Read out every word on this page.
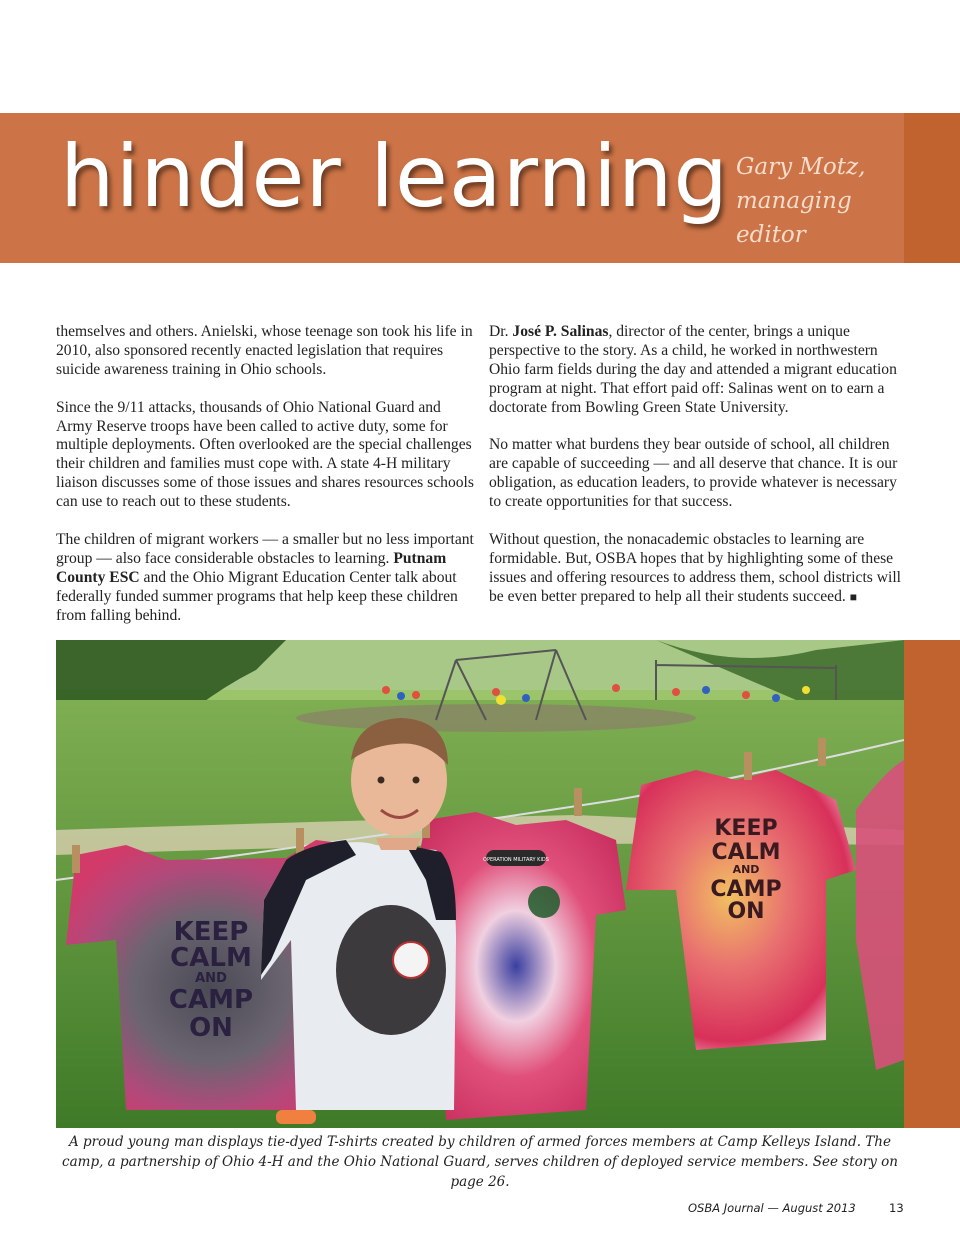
hinder learning Gary Motz,
managing editor

themselves and others. Anielski, whose teenage son took his life in 2010, also sponsored recently enacted legislation that requires suicide awareness training in Ohio schools.

Since the 9/11 attacks, thousands of Ohio National Guard and Army Reserve troops have been called to active duty, some for multiple deployments. Often overlooked are the special challenges their children and families must cope with. A state 4-H military liaison discusses some of those issues and shares resources schools can use to reach out to these students.

The children of migrant workers — a smaller but no less important group — also face considerable obstacles to learning. Putnam County ESC and the Ohio Migrant Education Center talk about federally funded summer programs that help keep these children from falling behind.

Dr. José P. Salinas, director of the center, brings a unique perspective to the story. As a child, he worked in northwestern Ohio farm fields during the day and attended a migrant education program at night. That effort paid off: Salinas went on to earn a doctorate from Bowling Green State University.

No matter what burdens they bear outside of school, all children are capable of succeeding — and all deserve that chance. It is our obligation, as education leaders, to provide whatever is necessary to create opportunities for that success.

Without question, the nonacademic obstacles to learning are formidable. But, OSBA hopes that by highlighting some of these issues and offering resources to address them, school districts will be even better prepared to help all their students succeed. ■

KEEP
CALM
AND
CAMP
ON
KEEP
CALM
AND
CAMP
ON
OPERATION MILITARY KIDS
A proud young man displays tie-dyed T-shirts created by children of armed forces members at Camp Kelleys Island. The camp, a partnership of Ohio 4-H and the Ohio National Guard, serves children of deployed service members. See story on page 26.
OSBA Journal — August 2013	13
